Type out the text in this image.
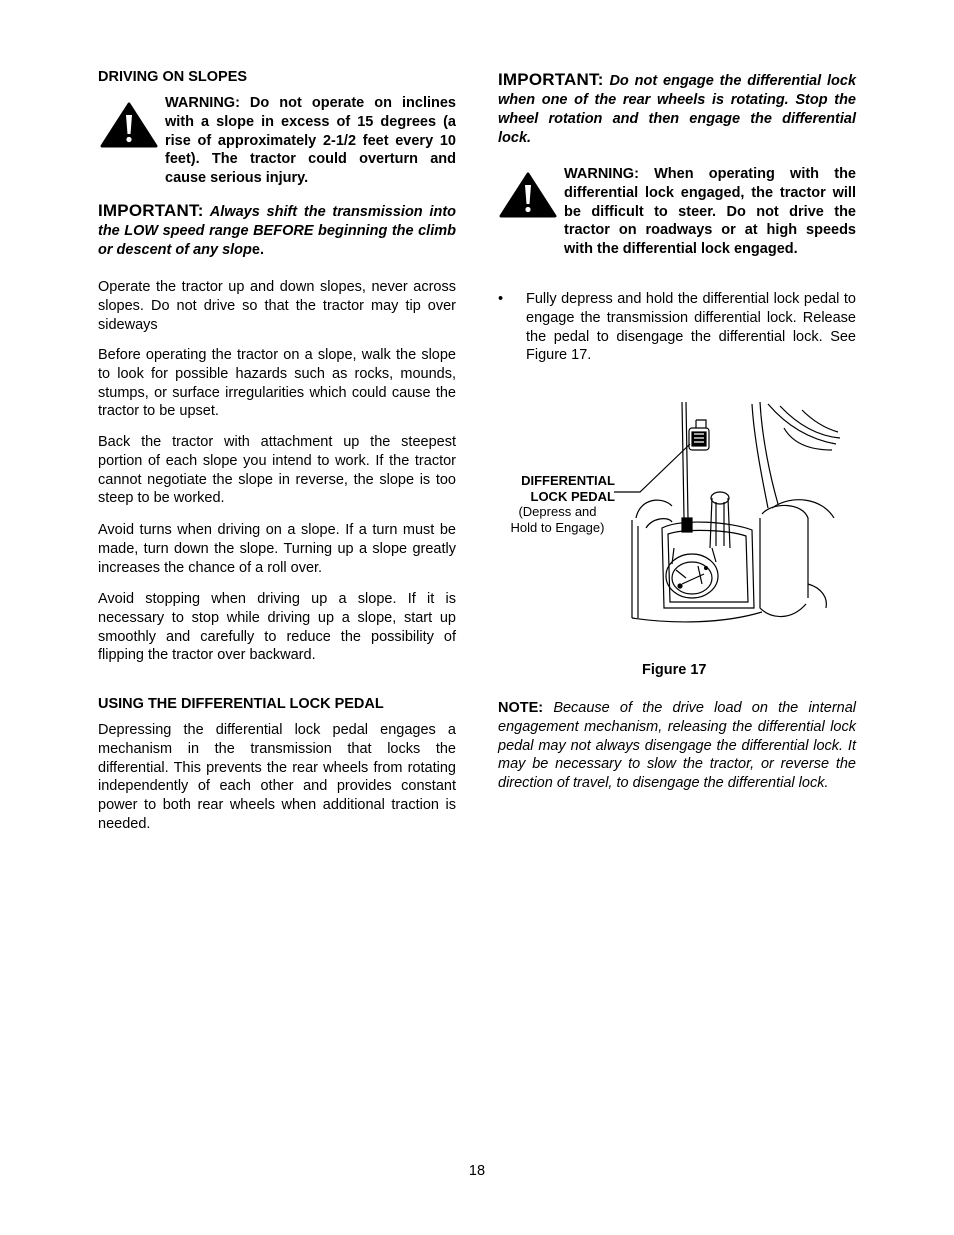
DRIVING ON SLOPES

WARNING: Do not operate on inclines with a slope in excess of 15 degrees (a rise of approximately 2-1/2 feet every 10 feet). The tractor could overturn and cause serious injury.

IMPORTANT: Always shift the transmission into the LOW speed range BEFORE beginning the climb or descent of any slope.

Operate the tractor up and down slopes, never across slopes. Do not drive so that the tractor may tip over sideways

Before operating the tractor on a slope, walk the slope to look for possible hazards such as rocks, mounds, stumps, or surface irregularities which could cause the tractor to be upset.

Back the tractor with attachment up the steepest portion of each slope you intend to work. If the tractor cannot negotiate the slope in reverse, the slope is too steep to be worked.

Avoid turns when driving on a slope. If a turn must be made, turn down the slope. Turning up a slope greatly increases the chance of a roll over.

Avoid stopping when driving up a slope. If it is necessary to stop while driving up a slope, start up smoothly and carefully to reduce the possibility of flipping the tractor over backward.

USING THE DIFFERENTIAL LOCK PEDAL

Depressing the differential lock pedal engages a mechanism in the transmission that locks the differential. This prevents the rear wheels from rotating independently of each other and provides constant power to both rear wheels when additional traction is needed.

IMPORTANT: Do not engage the differential lock when one of the rear wheels is rotating. Stop the wheel rotation and then engage the differential lock.

WARNING: When operating with the differential lock engaged, the tractor will be difficult to steer. Do not drive the tractor on roadways or at high speeds with the differential lock engaged.

• Fully depress and hold the differential lock pedal to engage the transmission differential lock. Release the pedal to disengage the differential lock. See Figure 17.

DIFFERENTIAL
LOCK PEDAL
(Depress and
Hold to Engage)

Figure 17

NOTE: Because of the drive load on the internal engagement mechanism, releasing the differential lock pedal may not always disengage the differential lock. It may be necessary to slow the tractor, or reverse the direction of travel, to disengage the differential lock.

18
